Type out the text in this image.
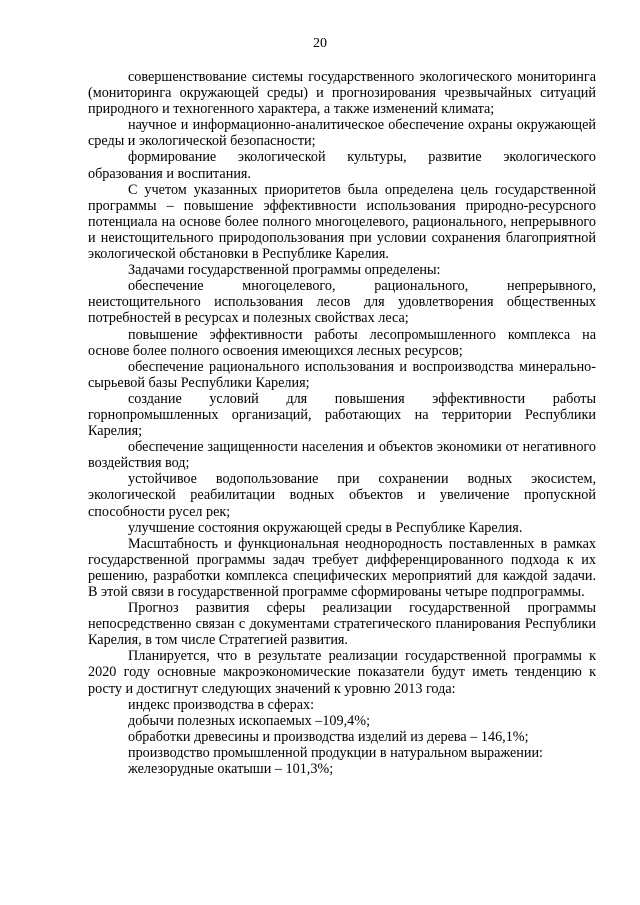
20

совершенствование системы государственного экологического мониторинга (мониторинга окружающей среды) и прогнозирования чрезвычайных ситуаций природного и техногенного характера, а также изменений климата;

научное и информационно-аналитическое обеспечение охраны окружающей среды и экологической безопасности;

формирование экологической культуры, развитие экологического образования и воспитания.

С учетом указанных приоритетов была определена цель государственной программы – повышение эффективности использования природно-ресурсного потенциала на основе более полного многоцелевого, рационального, непрерывного и неистощительного природопользования при условии сохранения благоприятной экологической обстановки в Республике Карелия.

Задачами государственной программы определены:

обеспечение многоцелевого, рационального, непрерывного, неистощительного использования лесов для удовлетворения общественных потребностей в ресурсах и полезных свойствах леса;

повышение эффективности работы лесопромышленного комплекса на основе более полного освоения имеющихся лесных ресурсов;

обеспечение рационального использования и воспроизводства минерально-сырьевой базы Республики Карелия;

создание условий для повышения эффективности работы горнопромышленных организаций, работающих на территории Республики Карелия;

обеспечение защищенности населения и объектов экономики от негативного воздействия вод;

устойчивое водопользование при сохранении водных экосистем, экологической реабилитации водных объектов и увеличение пропускной способности русел рек;

улучшение состояния окружающей среды в Республике Карелия.

Масштабность и функциональная неоднородность поставленных в рамках государственной программы задач требует дифференцированного подхода к их решению, разработки комплекса специфических мероприятий для каждой задачи. В этой связи в государственной программе сформированы четыре подпрограммы.

Прогноз развития сферы реализации государственной программы непосредственно связан с документами стратегического планирования Республики Карелия, в том числе Стратегией развития.

Планируется, что в результате реализации государственной программы к 2020 году основные макроэкономические показатели будут иметь тенденцию к росту и достигнут следующих значений к уровню 2013 года:

индекс производства в сферах:

добычи полезных ископаемых –109,4%;

обработки древесины и производства изделий из дерева – 146,1%;

производство промышленной продукции в натуральном выражении:

железорудные окатыши – 101,3%;
